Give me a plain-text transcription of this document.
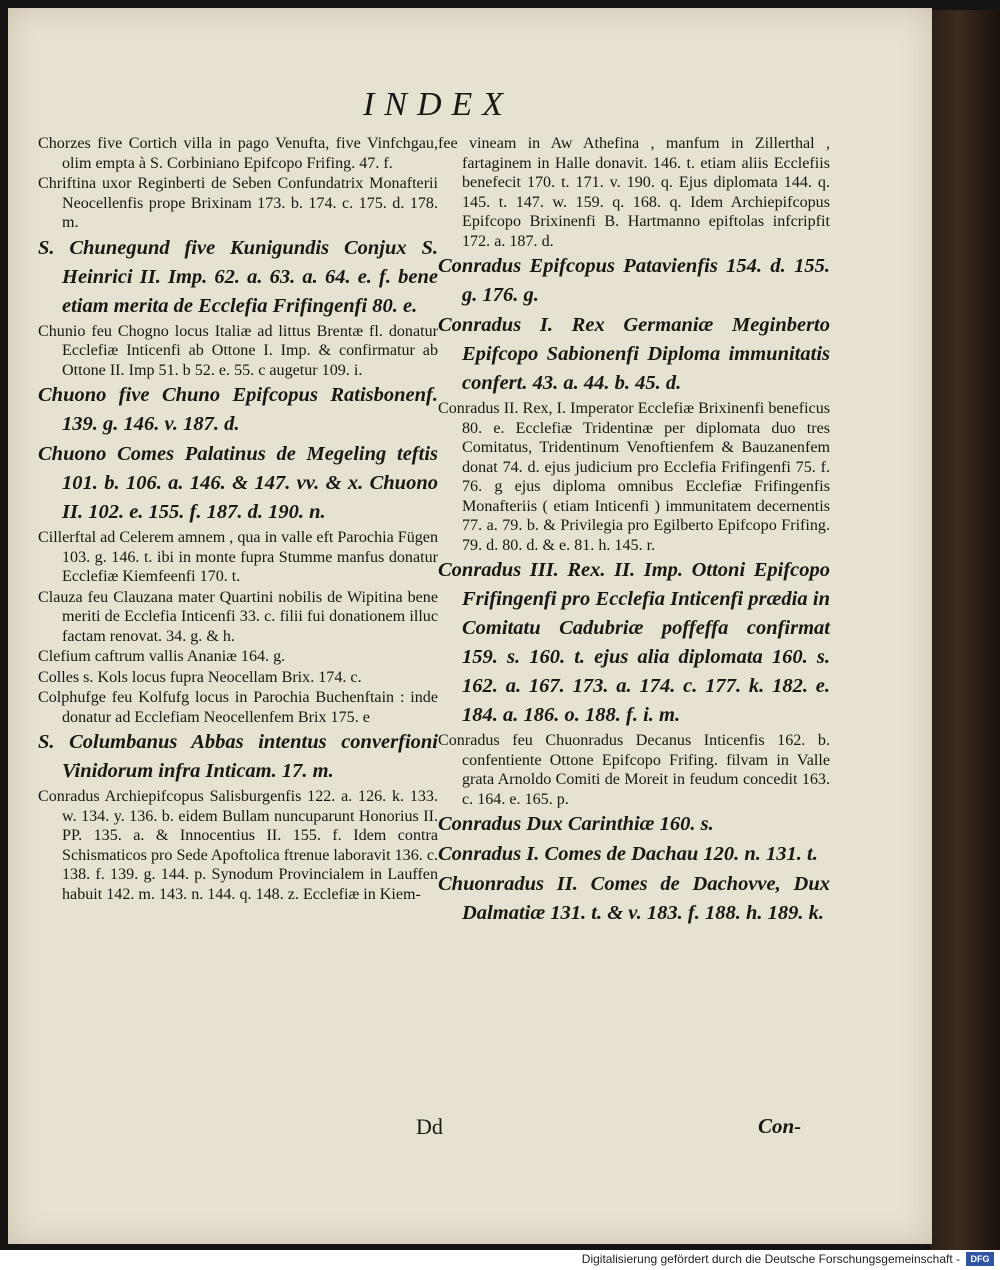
INDEX
Chorzes five Cortich villa in pago Venufta, five Vinfchgau, olim empta à S. Corbiniano Epifcopo Frifing. 47. f.
Chriftina uxor Reginberti de Seben Confundatrix Monafterii Neocellenfis prope Brixinam 173. b. 174. c. 175. d. 178. m.
S. Chunegund five Kunigundis Conjux S. Heinrici II. Imp. 62. a. 63. a. 64. e. f. bene etiam merita de Ecclefia Frifingenfi 80. e.
Chunio feu Chogno locus Italiæ ad littus Brentæ fl. donatur Ecclefiæ Inticenfi ab Ottone I. Imp. & confirmatur ab Ottone II. Imp 51. b 52. e. 55. c augetur 109. i.
Chuono five Chuno Epifcopus Ratisbonenf. 139. g. 146. v. 187. d.
Chuono Comes Palatinus de Megeling teftis 101. b. 106. a. 146. & 147. vv. & x. Chuono II. 102. e. 155. f. 187. d. 190. n.
Cillerftal ad Celerem amnem , qua in valle eft Parochia Fügen 103. g. 146. t. ibi in monte fupra Stumme manfus donatur Ecclefiæ Kiemfeenfi 170. t.
Clauza feu Clauzana mater Quartini nobilis de Wipitina bene meriti de Ecclefia Inticenfi 33. c. filii fui donationem illuc factam renovat. 34. g. & h.
Clefium caftrum vallis Ananiæ 164. g.
Colles s. Kols locus fupra Neocellam Brix. 174. c.
Colphufge feu Kolfufg locus in Parochia Buchenftain : inde donatur ad Ecclefiam Neocellenfem Brix 175. e
S. Columbanus Abbas intentus converfioni Vinidorum infra Inticam. 17. m.
Conradus Archiepifcopus Salisburgenfis 122. a. 126. k. 133. w. 134. y. 136. b. eidem Bullam nuncuparunt Honorius II. PP. 135. a. & Innocentius II. 155. f. Idem contra Schismaticos pro Sede Apoftolica ftrenue laboravit 136. c. 138. f. 139. g. 144. p. Synodum Provincialem in Lauffen habuit 142. m. 143. n. 144. q. 148. z. Ecclefiæ in Kiem-
fee vineam in Aw Athefina , manfum in Zillerthal , fartaginem in Halle donavit. 146. t. etiam aliis Ecclefiis benefecit 170. t. 171. v. 190. q. Ejus diplomata 144. q. 145. t. 147. w. 159. q. 168. q. Idem Archiepifcopus Epifcopo Brixinenfi B. Hartmanno epiftolas infcripfit 172. a. 187. d.
Conradus Epifcopus Patavienfis 154. d. 155. g. 176. g.
Conradus I. Rex Germaniæ Meginberto Epifcopo Sabionenfi Diploma immunitatis confert. 43. a. 44. b. 45. d.
Conradus II. Rex, I. Imperator Ecclefiæ Brixinenfi beneficus 80. e. Ecclefiæ Tridentinæ per diplomata duo tres Comitatus, Tridentinum Venoftienfem & Bauzanenfem donat 74. d. ejus judicium pro Ecclefia Frifingenfi 75. f. 76. g ejus diploma omnibus Ecclefiæ Frifingenfis Monafteriis ( etiam Inticenfi ) immunitatem decernentis 77. a. 79. b. & Privilegia pro Egilberto Epifcopo Frifing. 79. d. 80. d. & e. 81. h. 145. r.
Conradus III. Rex. II. Imp. Ottoni Epifcopo Frifingenfi pro Ecclefia Inticenfi prædia in Comitatu Cadubriæ poffeffa confirmat 159. s. 160. t. ejus alia diplomata 160. s. 162. a. 167. 173. a. 174. c. 177. k. 182. e. 184. a. 186. o. 188. f. i. m.
Conradus feu Chuonradus Decanus Inticenfis 162. b. confentiente Ottone Epifcopo Frifing. filvam in Valle grata Arnoldo Comiti de Moreit in feudum concedit 163. c. 164. e. 165. p.
Conradus Dux Carinthiæ 160. s.
Conradus I. Comes de Dachau 120. n. 131. t.
Chuonradus II. Comes de Dachovve, Dux Dalmatiæ 131. t. & v. 183. f. 188. h. 189. k.
Dd	Con-
Digitalisierung gefördert durch die Deutsche Forschungsgemeinschaft -	DFG
